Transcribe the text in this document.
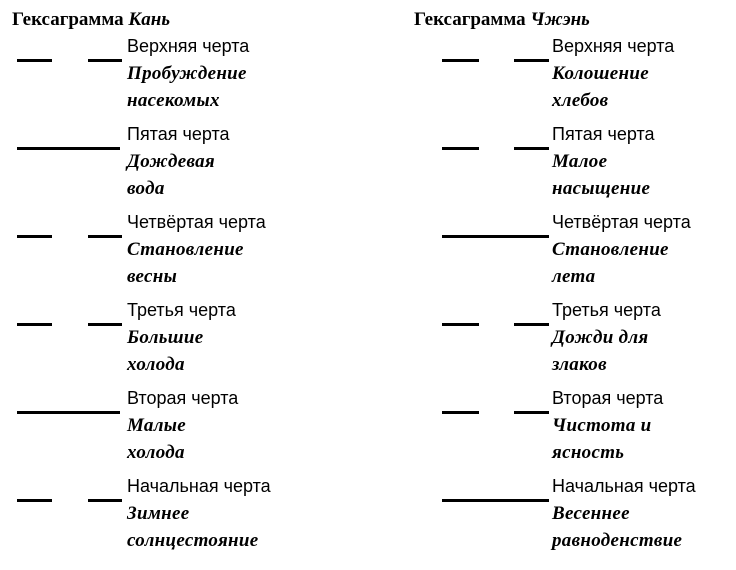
Гексаграмма Кань
Верхняя черта
Пробуждение
насекомых
Пятая черта
Дождевая
вода
Четвёртая черта
Становление
весны
Третья черта
Большие
холода
Вторая черта
Малые
холода
Начальная черта
Зимнее
солнцестояние
Гексаграмма Чжэнь
Верхняя черта
Колошение
хлебов
Пятая черта
Малое
насыщение
Четвёртая черта
Становление
лета
Третья черта
Дожди для
злаков
Вторая черта
Чистота и
ясность
Начальная черта
Весеннее
равноденствие
